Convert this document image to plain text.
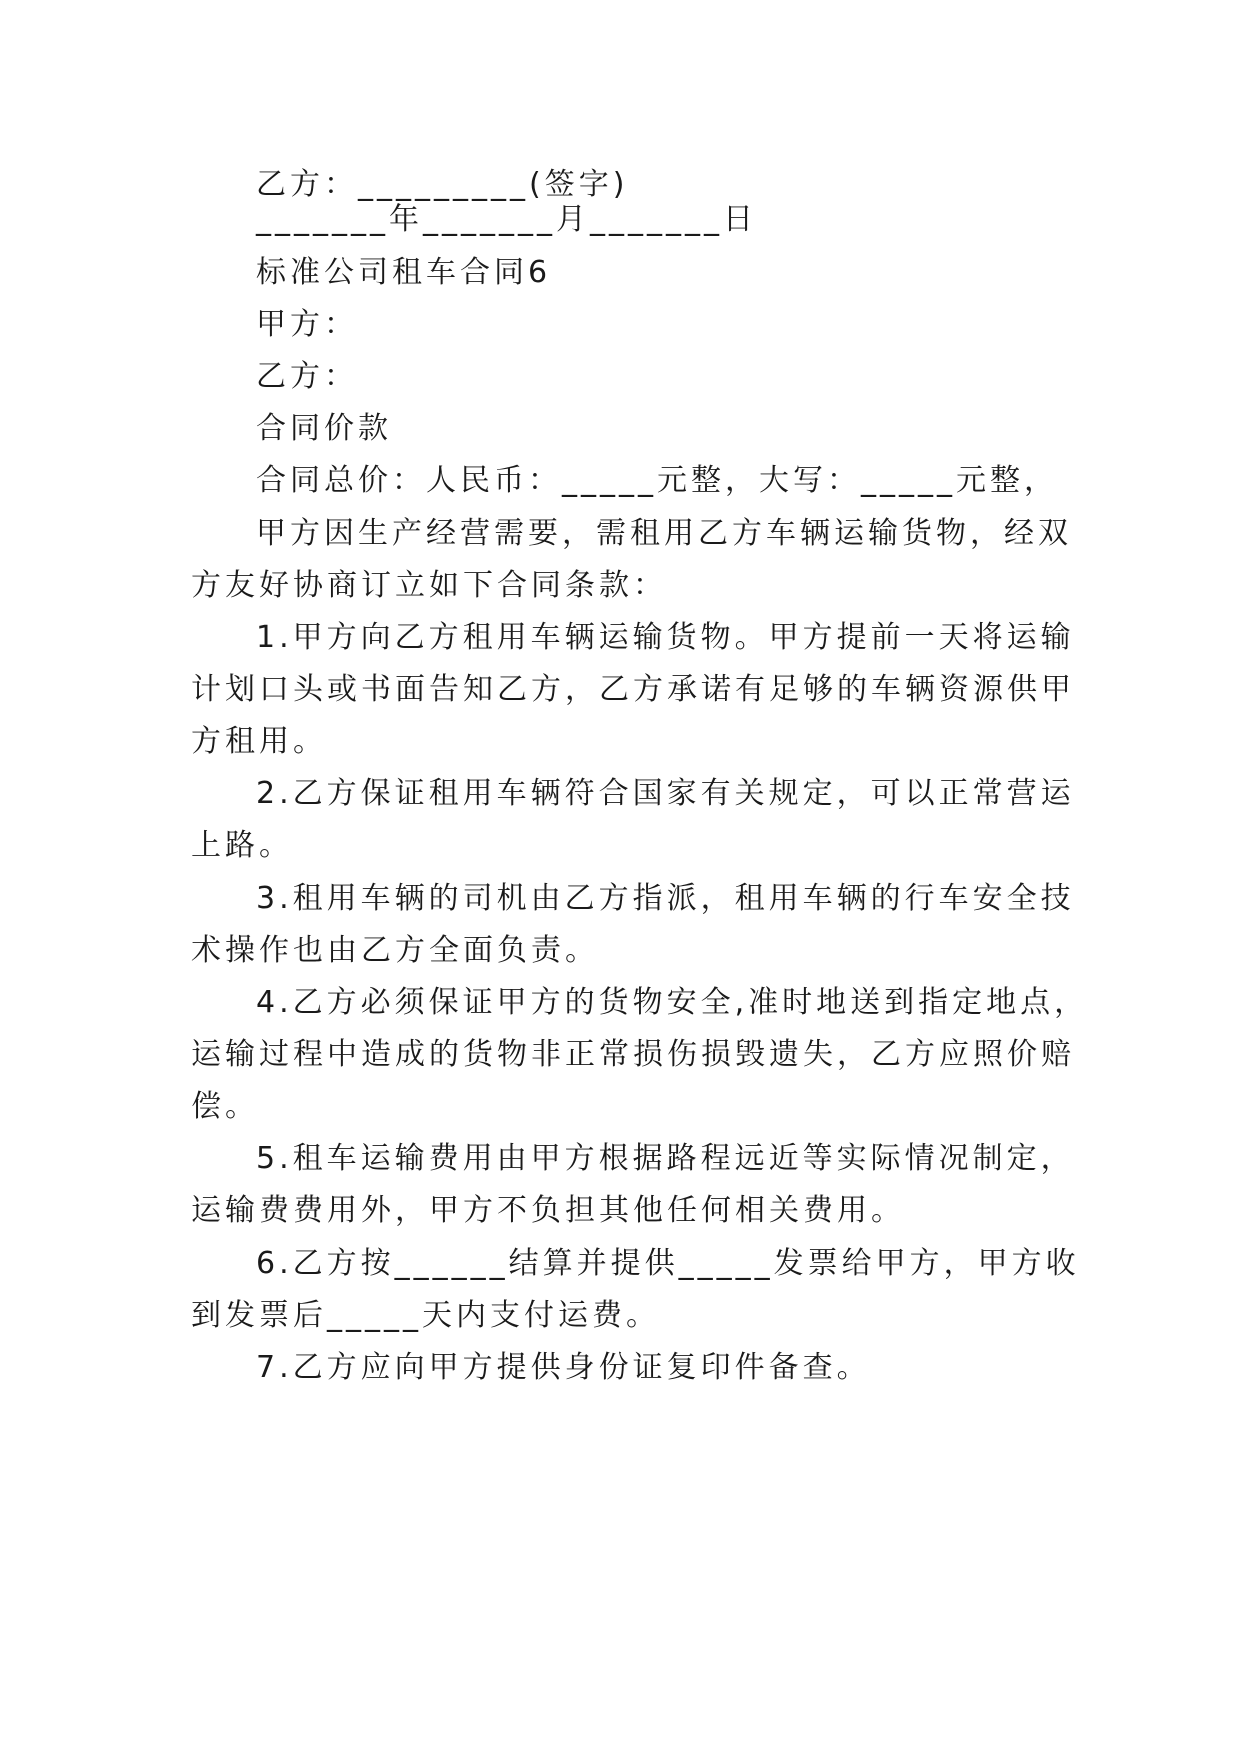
乙方：_________(签字)
_______年_______月_______日
标准公司租车合同6
甲方：
乙方：
合同价款
合同总价：人民币：_____元整，大写：_____元整，
甲方因生产经营需要，需租用乙方车辆运输货物，经双
方友好协商订立如下合同条款：
1.甲方向乙方租用车辆运输货物。甲方提前一天将运输
计划口头或书面告知乙方，乙方承诺有足够的车辆资源供甲
方租用。
2.乙方保证租用车辆符合国家有关规定，可以正常营运
上路。
3.租用车辆的司机由乙方指派，租用车辆的行车安全技
术操作也由乙方全面负责。
4.乙方必须保证甲方的货物安全,准时地送到指定地点，
运输过程中造成的货物非正常损伤损毁遗失，乙方应照价赔
偿。
5.租车运输费用由甲方根据路程远近等实际情况制定，
运输费费用外，甲方不负担其他任何相关费用。
6.乙方按______结算并提供_____发票给甲方，甲方收
到发票后_____天内支付运费。
7.乙方应向甲方提供身份证复印件备查。
